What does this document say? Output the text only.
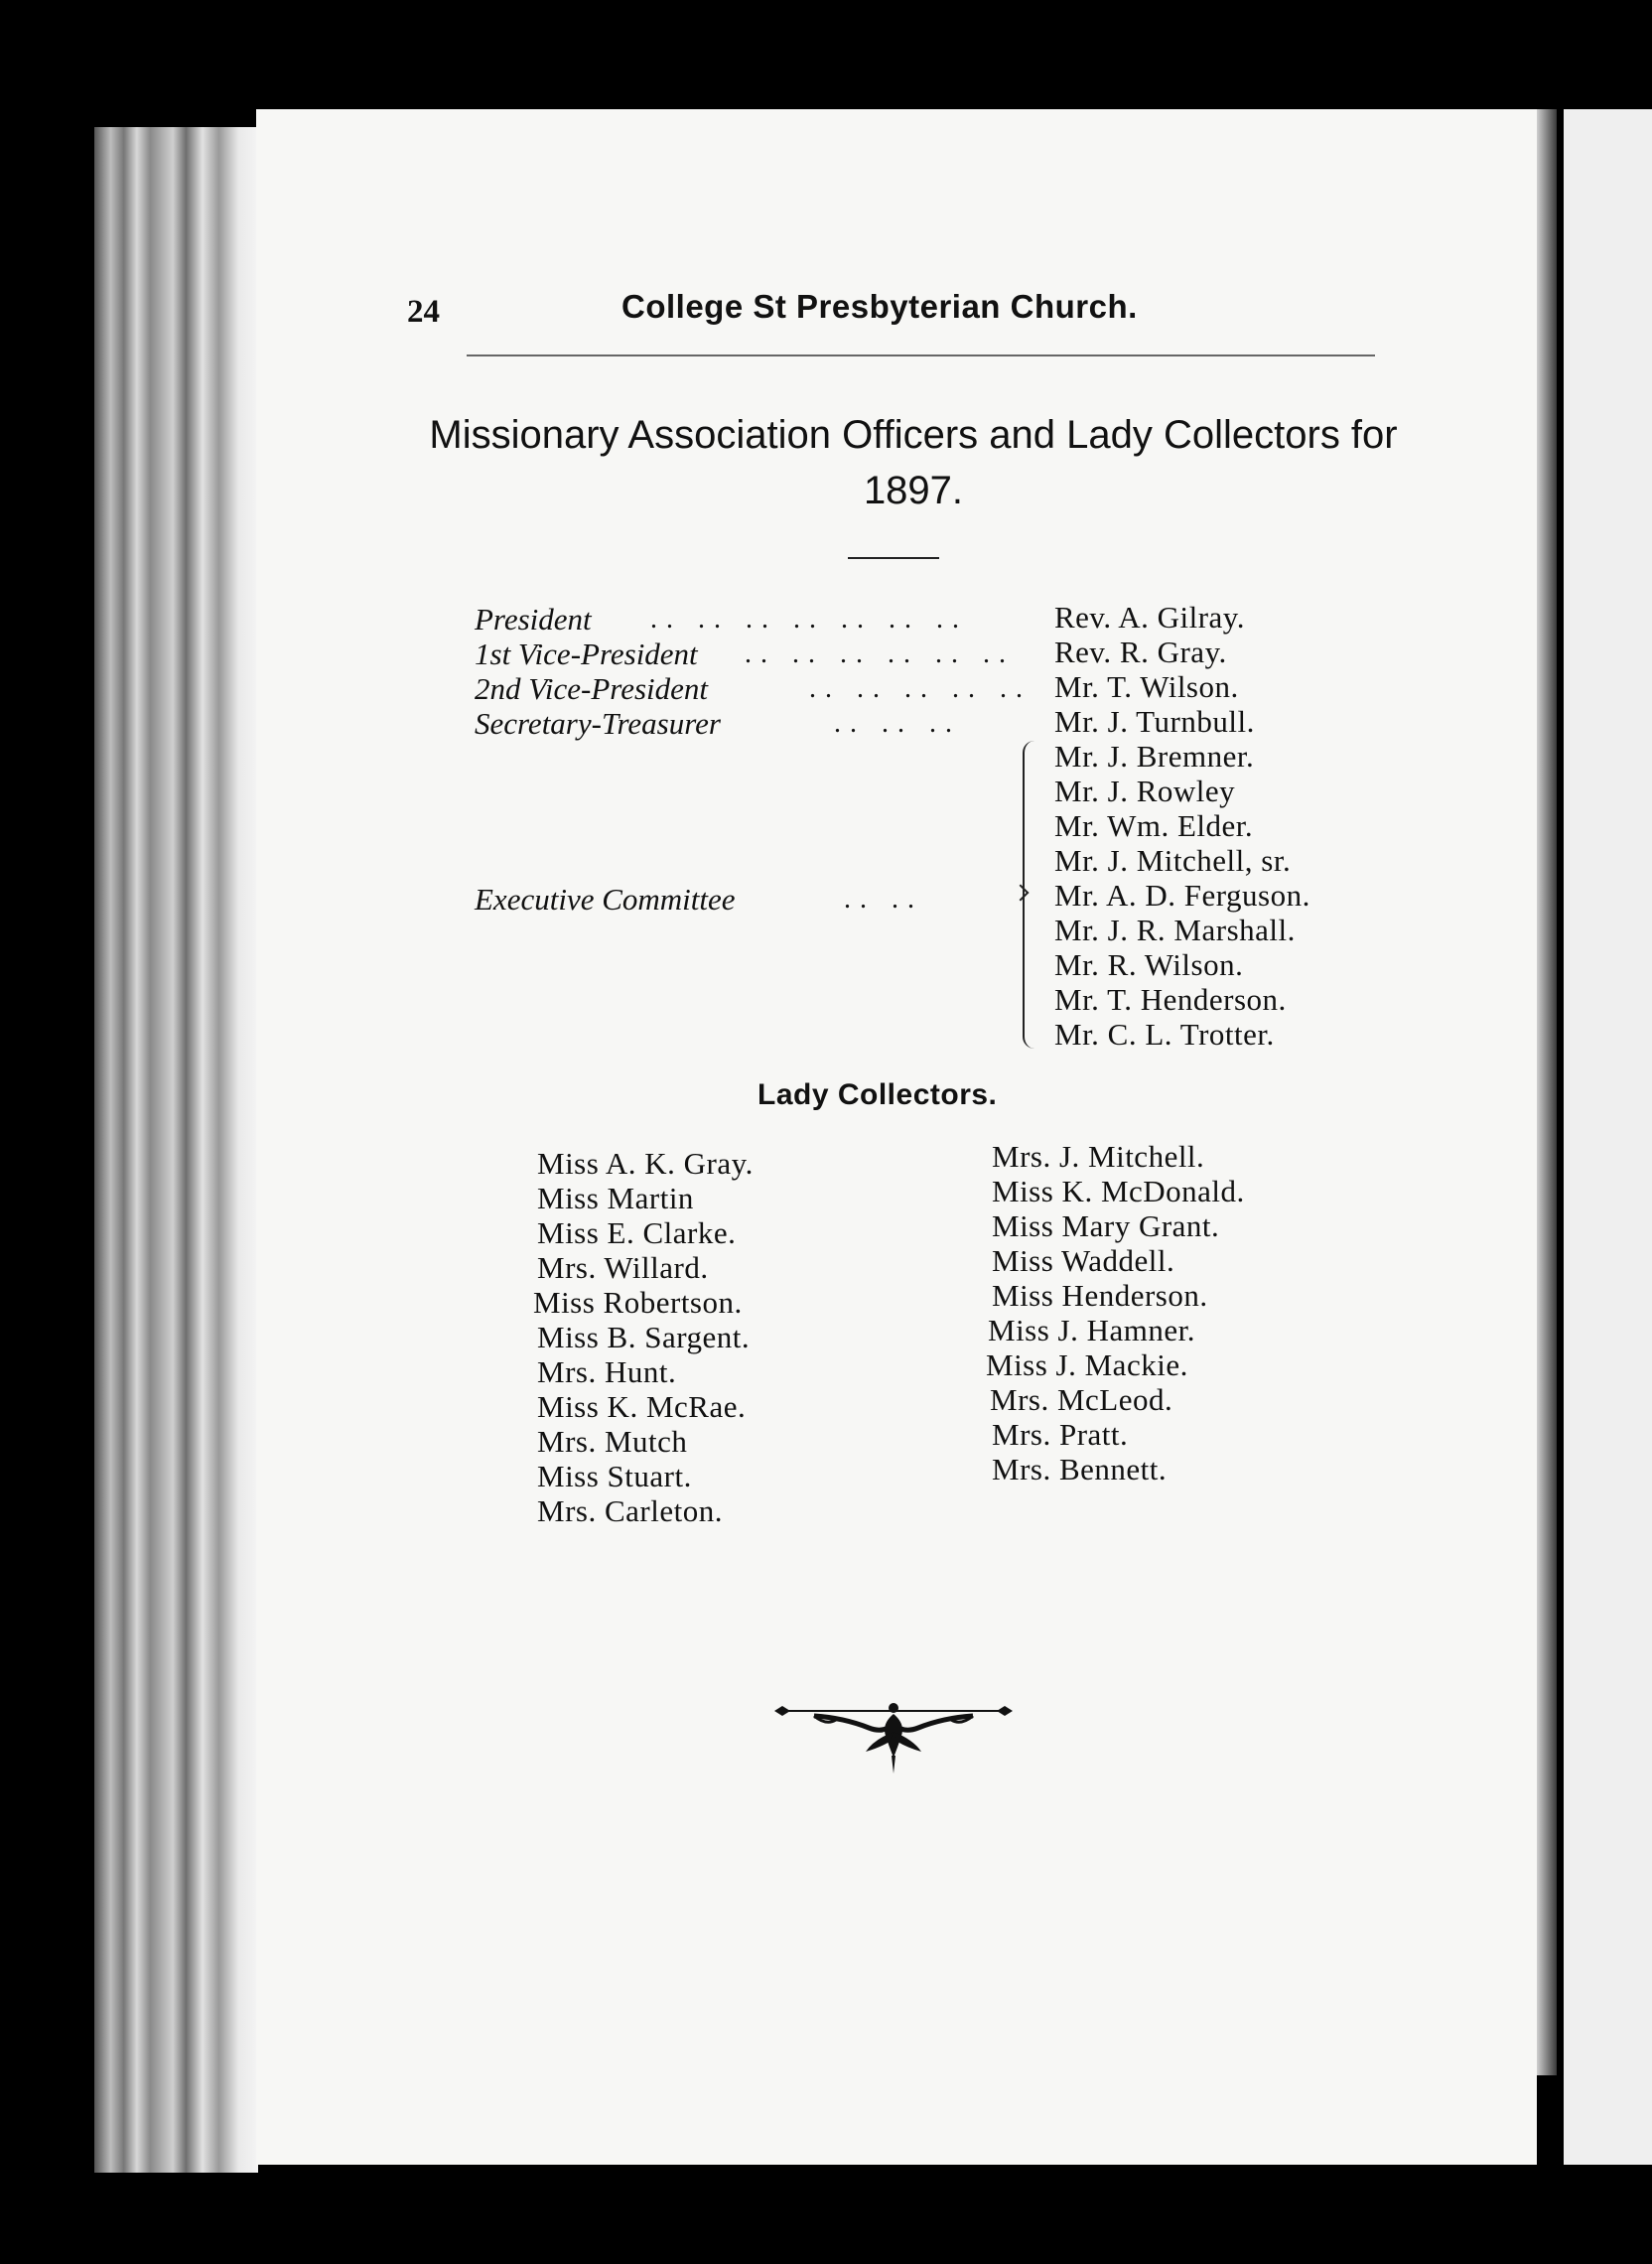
24	College St Presbyterian Church.
Missionary Association Officers and Lady Collectors for 1897.
President .. .. .. .. .. .. ..	Rev. A. Gilray.
1st Vice-President .. .. .. .. .. .. Rev. R. Gray.
2nd Vice-President	.. .. .. .. .. Mr. T. Wilson.
Secretary-Treasurer	.. .. ..	Mr. J. Turnbull.
Executive Committee	.. ..
Mr. J. Bremner.
Mr. J. Rowley
Mr. Wm. Elder.
Mr. J. Mitchell, sr.
Mr. A. D. Ferguson.
Mr. J. R. Marshall.
Mr. R. Wilson.
Mr. T. Henderson.
Mr. C. L. Trotter.
Lady Collectors.
Miss A. K. Gray.
Miss Martin
Miss E. Clarke.
Mrs. Willard.
Miss Robertson.
Miss B. Sargent.
Mrs. Hunt.
Miss K. McRae.
Mrs. Mutch
Miss Stuart.
Mrs. Carleton.
Mrs. J. Mitchell.
Miss K. McDonald.
Miss Mary Grant.
Miss Waddell.
Miss Henderson.
Miss J. Hamner.
Miss J. Mackie.
Mrs. McLeod.
Mrs. Pratt.
Mrs. Bennett.
